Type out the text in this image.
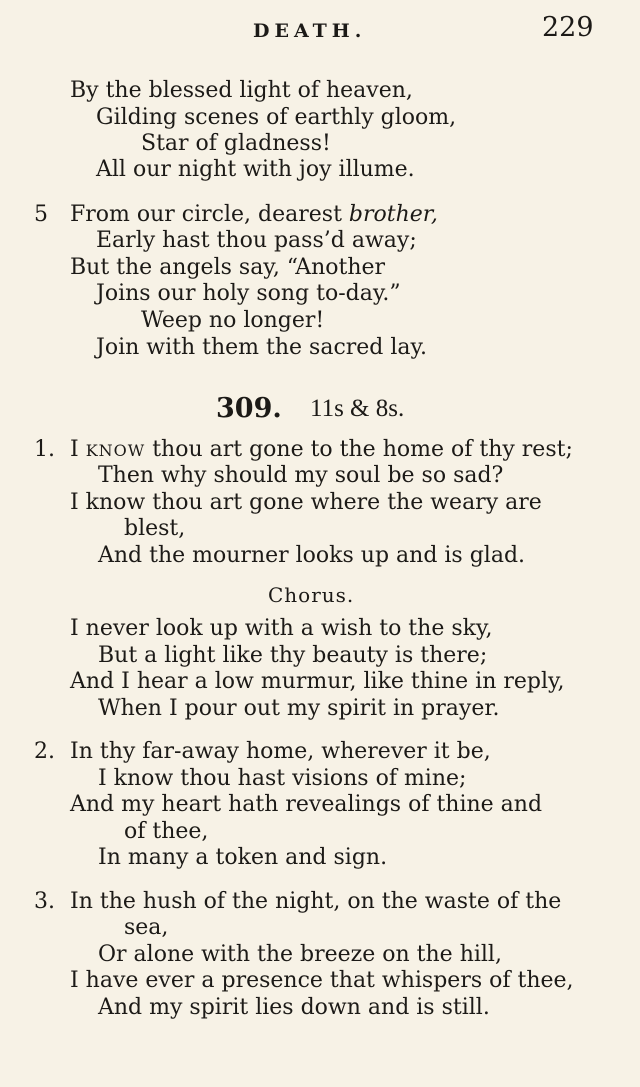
DEATH.	229
By the blessed light of heaven,
Gilding scenes of earthly gloom,
Star of gladness!
All our night with joy illume.
5 From our circle, dearest brother,
Early hast thou pass’d away;
But the angels say, “Another
Joins our holy song to-day.”
Weep no longer!
Join with them the sacred lay.
309. 11s & 8s.
1. I KNOW thou art gone to the home of thy rest;
Then why should my soul be so sad?
I know thou art gone where the weary are
blest,
And the mourner looks up and is glad.
Chorus.
I never look up with a wish to the sky,
But a light like thy beauty is there;
And I hear a low murmur, like thine in reply,
When I pour out my spirit in prayer.
2. In thy far-away home, wherever it be,
I know thou hast visions of mine;
And my heart hath revealings of thine and
of thee,
In many a token and sign.
3. In the hush of the night, on the waste of the
sea,
Or alone with the breeze on the hill,
I have ever a presence that whispers of thee,
And my spirit lies down and is still.
